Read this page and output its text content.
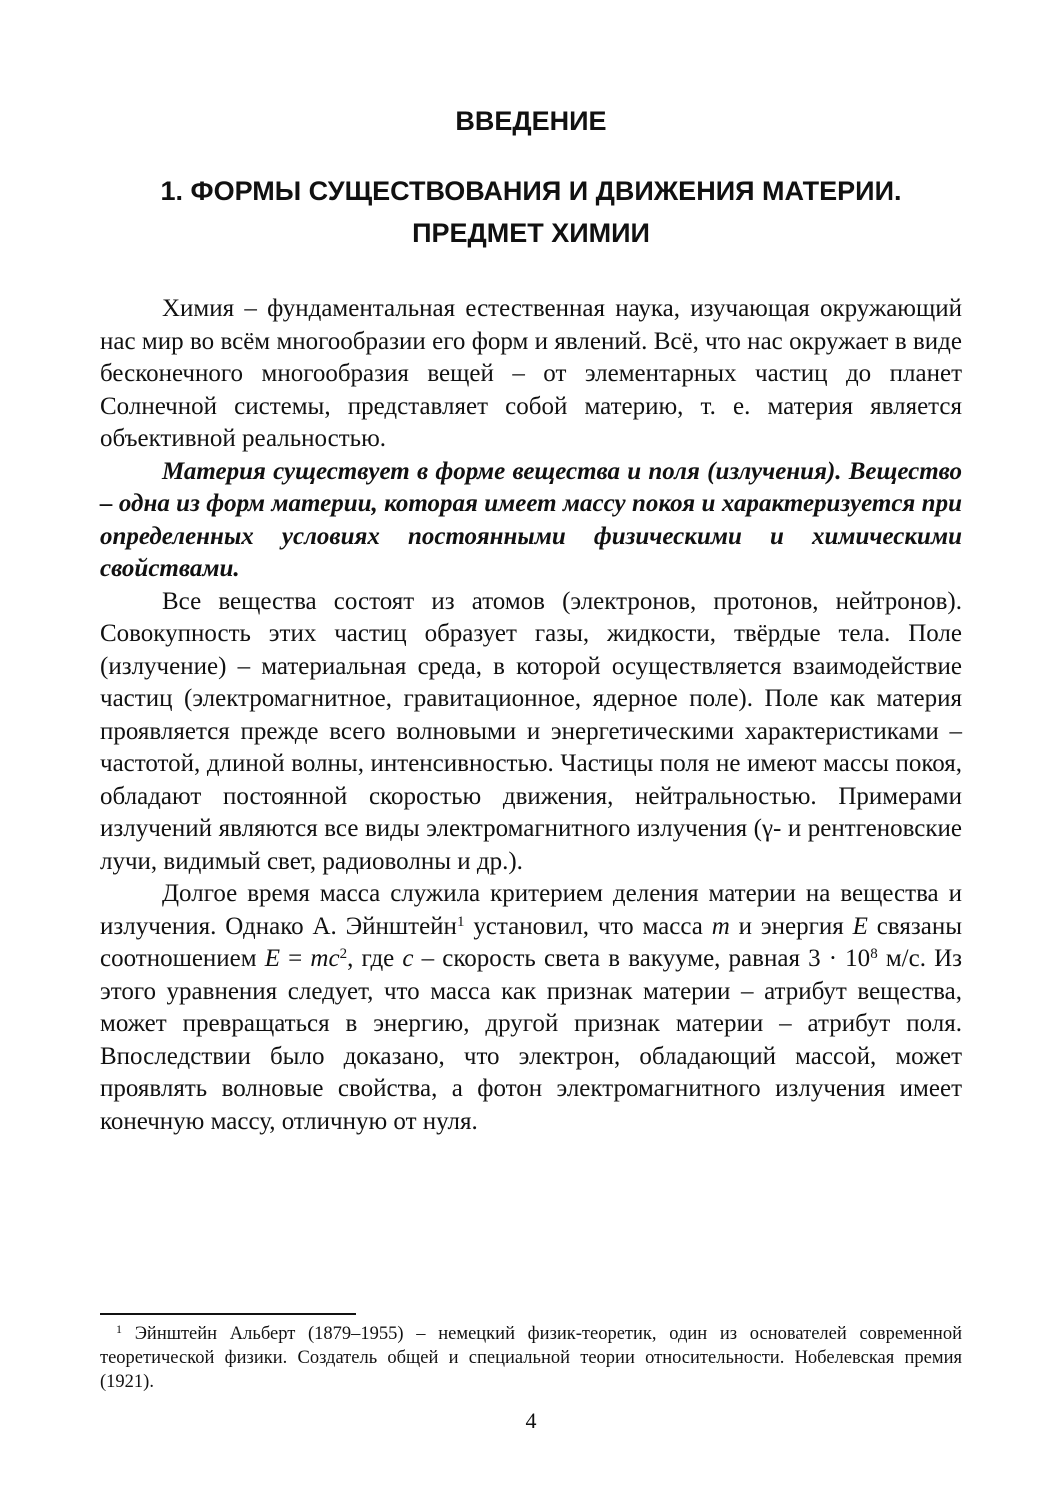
ВВЕДЕНИЕ
1. ФОРМЫ СУЩЕСТВОВАНИЯ И ДВИЖЕНИЯ МАТЕРИИ.
ПРЕДМЕТ ХИМИИ

Химия – фундаментальная естественная наука, изучающая окружающий нас мир во всём многообразии его форм и явлений. Всё, что нас окружает в виде бесконечного многообразия вещей – от элементарных частиц до планет Солнечной системы, представляет собой материю, т. е. материя является объективной реальностью.

Материя существует в форме вещества и поля (излучения). Вещество – одна из форм материи, которая имеет массу покоя и характеризуется при определенных условиях постоянными физическими и химическими свойствами.

Все вещества состоят из атомов (электронов, протонов, нейтронов). Совокупность этих частиц образует газы, жидкости, твёрдые тела. Поле (излучение) – материальная среда, в которой осуществляется взаимодействие частиц (электромагнитное, гравитационное, ядерное поле). Поле как материя проявляется прежде всего волновыми и энергетическими характеристиками – частотой, длиной волны, интенсивностью. Частицы поля не имеют массы покоя, обладают постоянной скоростью движения, нейтральностью. Примерами излучений являются все виды электромагнитного излучения (γ- и рентгеновские лучи, видимый свет, радиоволны и др.).

Долгое время масса служила критерием деления материи на вещества и излучения. Однако А. Эйнштейн$^1$ установил, что масса m и энергия E связаны соотношением $E = mc^2$, где c – скорость света в вакууме, равная $3 \cdot 10^8$ м/с. Из этого уравнения следует, что масса как признак материи – атрибут вещества, может превращаться в энергию, другой признак материи – атрибут поля. Впоследствии было доказано, что электрон, обладающий массой, может проявлять волновые свойства, а фотон электромагнитного излучения имеет конечную массу, отличную от нуля.

$^1$ Эйнштейн Альберт (1879–1955) – немецкий физик-теоретик, один из основателей современной теоретической физики. Создатель общей и специальной теории относительности. Нобелевская премия (1921).

4
